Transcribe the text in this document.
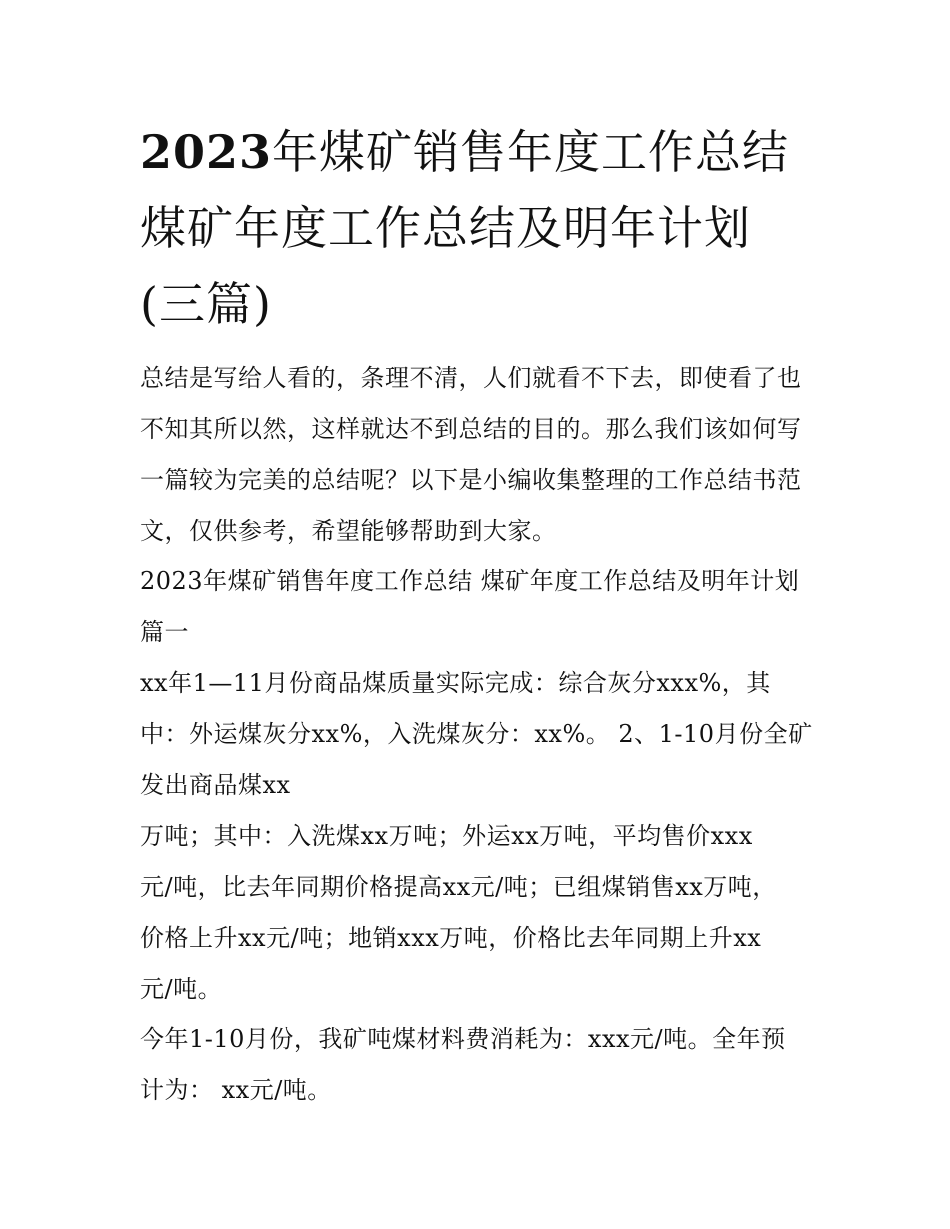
2023年煤矿销售年度工作总结
煤矿年度工作总结及明年计划
(三篇)

总结是写给人看的，条理不清，人们就看不下去，即使看了也
不知其所以然，这样就达不到总结的目的。那么我们该如何写
一篇较为完美的总结呢？以下是小编收集整理的工作总结书范
文，仅供参考，希望能够帮助到大家。

2023年煤矿销售年度工作总结 煤矿年度工作总结及明年计划
篇一

xx年1—11月份商品煤质量实际完成：综合灰分xxx%，其
中：外运煤灰分xx%，入洗煤灰分：xx%。 2、1-10月份全矿
发出商品煤xx

万吨；其中：入洗煤xx万吨；外运xx万吨，平均售价xxx
元/吨，比去年同期价格提高xx元/吨；已组煤销售xx万吨，
价格上升xx元/吨；地销xxx万吨，价格比去年同期上升xx
元/吨。

今年1-10月份，我矿吨煤材料费消耗为：xxx元/吨。全年预
计为： xx元/吨。
